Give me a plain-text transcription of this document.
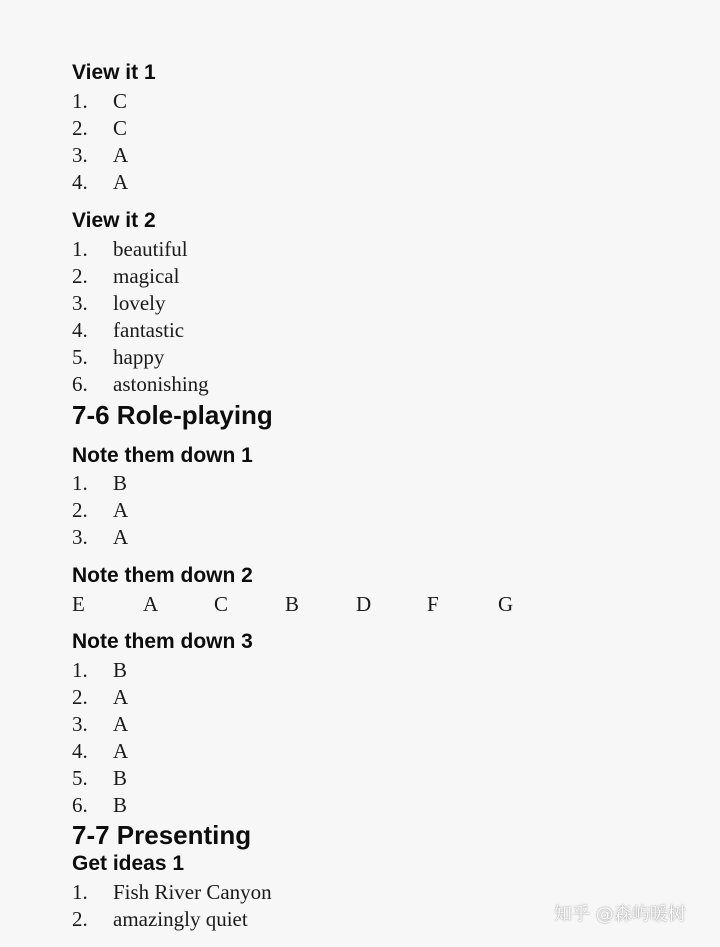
View it 1
1. C
2. C
3. A
4. A
View it 2
1. beautiful
2. magical
3. lovely
4. fantastic
5. happy
6. astonishing
7-6 Role-playing
Note them down 1
1. B
2. A
3. A
Note them down 2
E	A	C	B	D	F	G
Note them down 3
1. B
2. A
3. A
4. A
5. B
6. B
7-7 Presenting
Get ideas 1
1. Fish River Canyon
2. amazingly quiet	知乎 @森屿暖树
